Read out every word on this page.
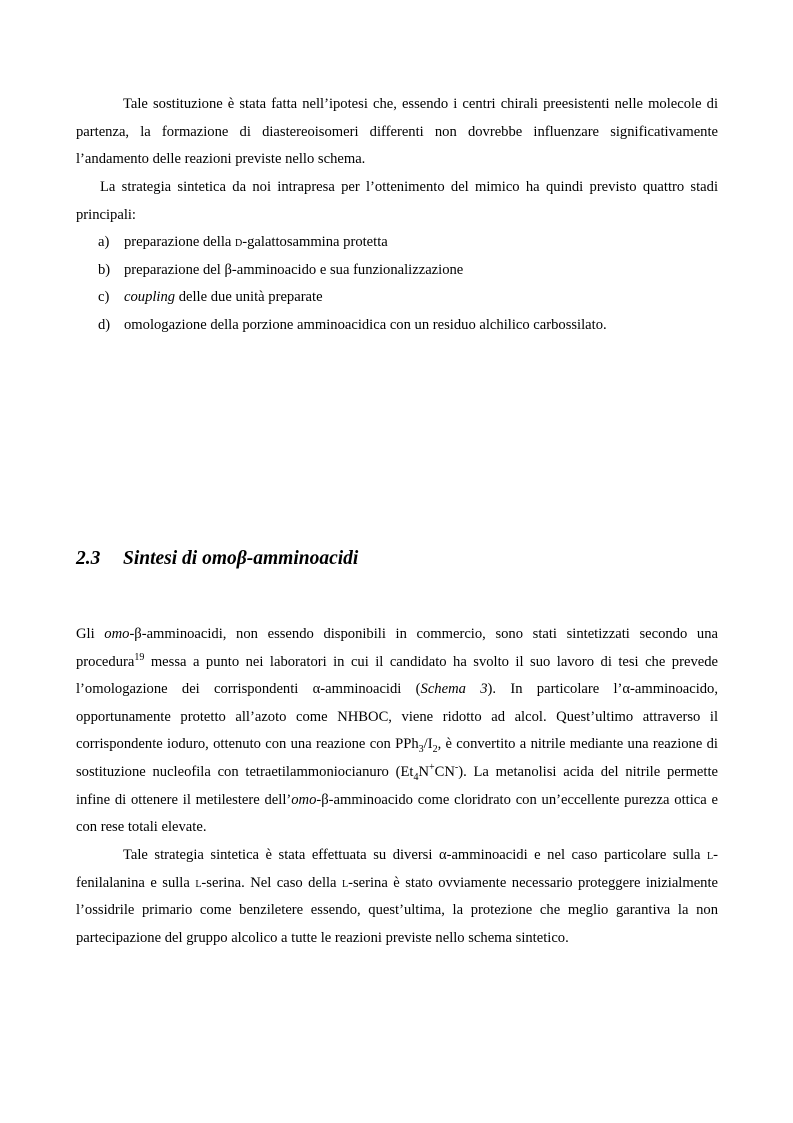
Tale sostituzione è stata fatta nell’ipotesi che, essendo i centri chirali preesistenti nelle molecole di partenza, la formazione di diastereoisomeri differenti non dovrebbe influenzare significativamente l’andamento delle reazioni previste nello schema.

La strategia sintetica da noi intrapresa per l’ottenimento del mimico ha quindi previsto quattro stadi principali:

a) preparazione della d-galattosammina protetta
b) preparazione del β-amminoacido e sua funzionalizzazione
c) coupling delle due unità preparate
d) omologazione della porzione amminoacidica con un residuo alchilico carbossilato.
2.3 Sintesi di omoβ-amminoacidi

Gli omo-β-amminoacidi, non essendo disponibili in commercio, sono stati sintetizzati secondo una procedura$^{19}$ messa a punto nei laboratori in cui il candidato ha svolto il suo lavoro di tesi che prevede l’omologazione dei corrispondenti α-amminoacidi (Schema 3). In particolare l’α-amminoacido, opportunamente protetto all’azoto come NHBOC, viene ridotto ad alcol. Quest’ultimo attraverso il corrispondente ioduro, ottenuto con una reazione con $PPh_3/I_2$, è convertito a nitrile mediante una reazione di sostituzione nucleofila con tetraetilammoniocianuro $(Et_4N^+CN^-)$. La metanolisi acida del nitrile permette infine di ottenere il metilestere dell’omo-β-amminoacido come cloridrato con un’eccellente purezza ottica e con rese totali elevate.

Tale strategia sintetica è stata effettuata su diversi α-amminoacidi e nel caso particolare sulla l-fenilalanina e sulla l-serina. Nel caso della l-serina è stato ovviamente necessario proteggere inizialmente l’ossidrile primario come benziletere essendo, quest’ultima, la protezione che meglio garantiva la non partecipazione del gruppo alcolico a tutte le reazioni previste nello schema sintetico.
